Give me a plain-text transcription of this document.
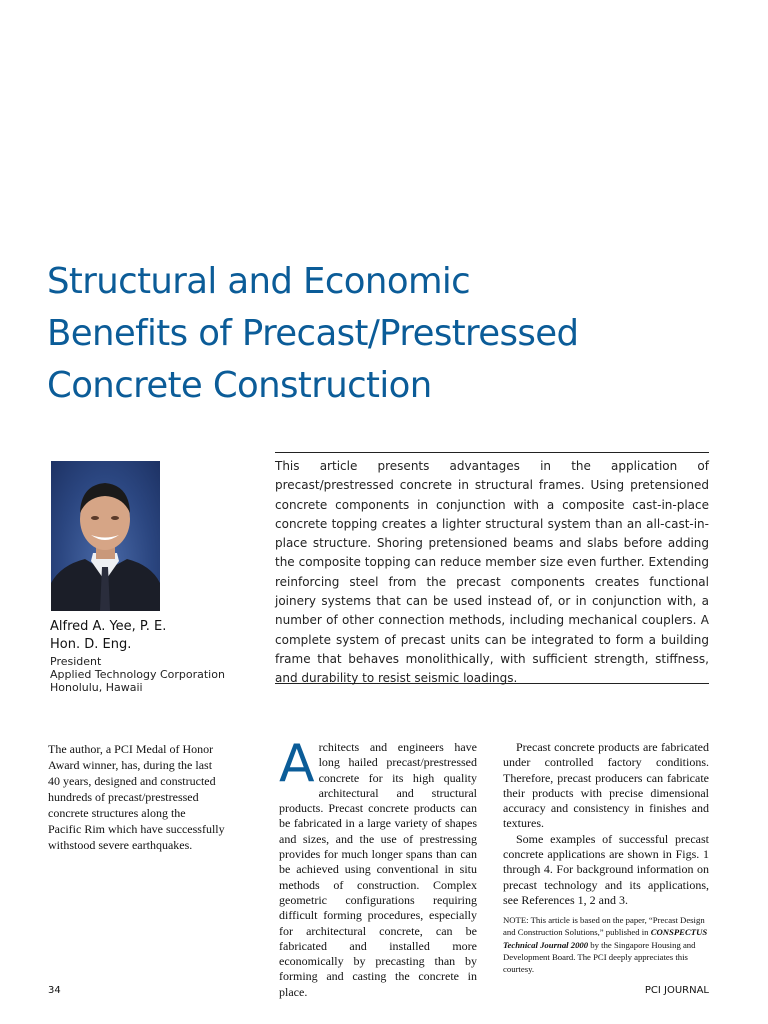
Structural and Economic
Benefits of Precast/Prestressed
Concrete Construction

This article presents advantages in the application of precast/prestressed concrete in structural frames. Using pretensioned concrete components in conjunction with a composite cast-in-place concrete topping creates a lighter structural system than an all-cast-in-place structure. Shoring pretensioned beams and slabs before adding the composite topping can reduce member size even further. Extending reinforcing steel from the precast components creates functional joinery systems that can be used instead of, or in conjunction with, a number of other connection methods, including mechanical couplers. A complete system of precast units can be integrated to form a building frame that behaves monolithically, with sufficient strength, stiffness, and durability to resist seismic loadings.

Alfred A. Yee, P. E.
Hon. D. Eng.
President
Applied Technology Corporation
Honolulu, Hawaii
The author, a PCI Medal of Honor
Award winner, has, during the last
40 years, designed and constructed
hundreds of precast/prestressed
concrete structures along the
Pacific Rim which have successfully
withstood severe earthquakes.
Architects and engineers have long hailed precast/prestressed concrete for its high quality architectural and structural products. Precast concrete products can be fabricated in a large variety of shapes and sizes, and the use of prestressing provides for much longer spans than can be achieved using conventional in situ methods of construction. Complex geometric configurations requiring difficult forming procedures, especially for architectural concrete, can be fabricated and installed more economically by precasting than by forming and casting the concrete in place.

Precast concrete products are fabricated under controlled factory conditions. Therefore, precast producers can fabricate their products with precise dimensional accuracy and consistency in finishes and textures.

Some examples of successful precast concrete applications are shown in Figs. 1 through 4. For background information on precast technology and its applications, see References 1, 2 and 3.

NOTE: This article is based on the paper, “Precast Design and Construction Solutions,” published in CONSPECTUS Technical Journal 2000 by the Singapore Housing and Development Board. The PCI deeply appreciates this courtesy.
34	PCI JOURNAL
